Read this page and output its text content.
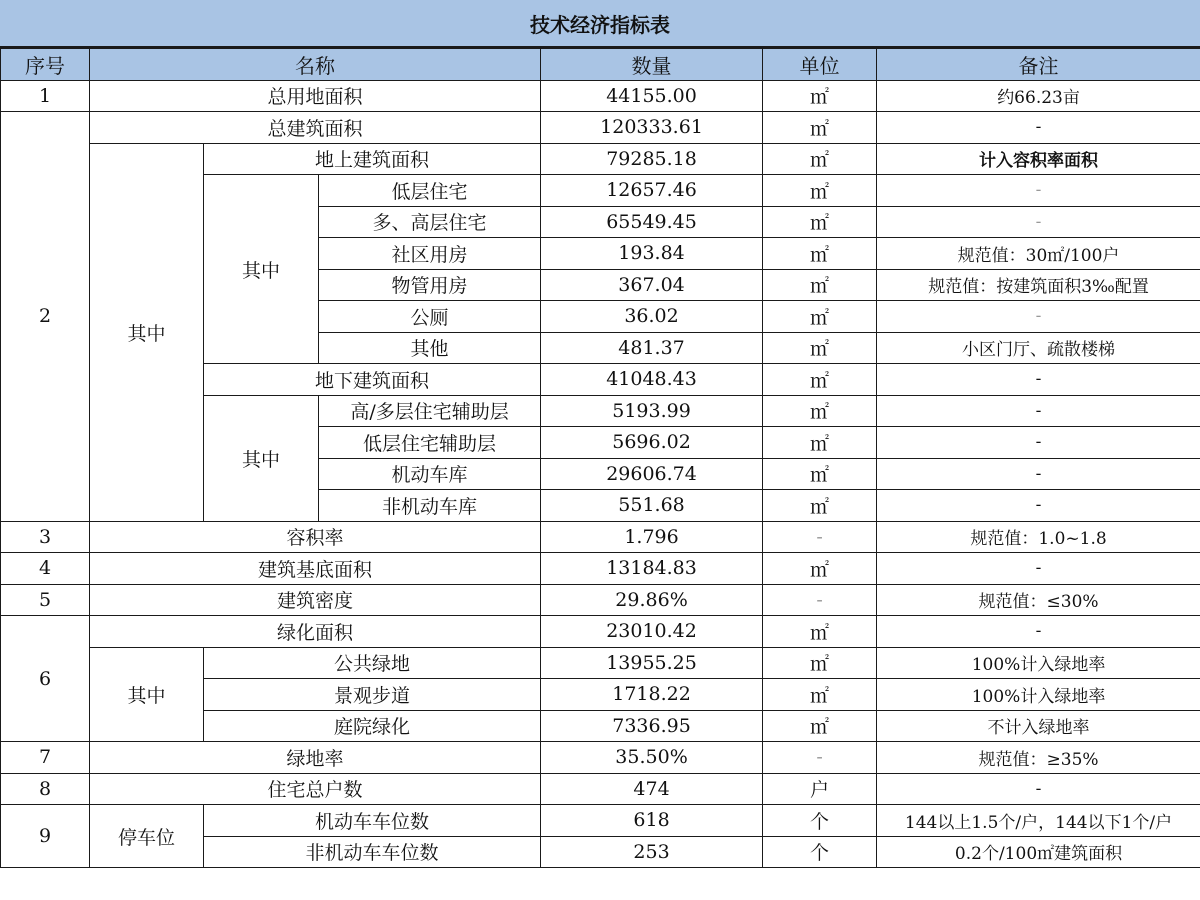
技术经济指标表
序号	名称			数量	单位	备注
1	总用地面积			44155.00	㎡	约66.23亩
2	总建筑面积			120333.61	㎡	-
	其中	地上建筑面积		79285.18	㎡	计入容积率面积
		其中	低层住宅	12657.46	㎡	-
			多、高层住宅	65549.45	㎡	-
			社区用房	193.84	㎡	规范值：30㎡/100户
			物管用房	367.04	㎡	规范值：按建筑面积3‰配置
			公厕	36.02	㎡	-
			其他	481.37	㎡	小区门厅、疏散楼梯
		地下建筑面积		41048.43	㎡	-
		其中	高/多层住宅辅助层	5193.99	㎡	-
			低层住宅辅助层	5696.02	㎡	-
			机动车库	29606.74	㎡	-
			非机动车库	551.68	㎡	-
3	容积率			1.796	-	规范值：1.0~1.8
4	建筑基底面积			13184.83	㎡	-
5	建筑密度			29.86%	-	规范值：≤30%
6	绿化面积			23010.42	㎡	-
	其中	公共绿地		13955.25	㎡	100%计入绿地率
		景观步道		1718.22	㎡	100%计入绿地率
		庭院绿化		7336.95	㎡	不计入绿地率
7	绿地率			35.50%	-	规范值：≥35%
8	住宅总户数			474	户	-
9	停车位	机动车车位数		618	个	144以上1.5个/户，144以下1个/户
		非机动车车位数		253	个	0.2个/100㎡建筑面积
